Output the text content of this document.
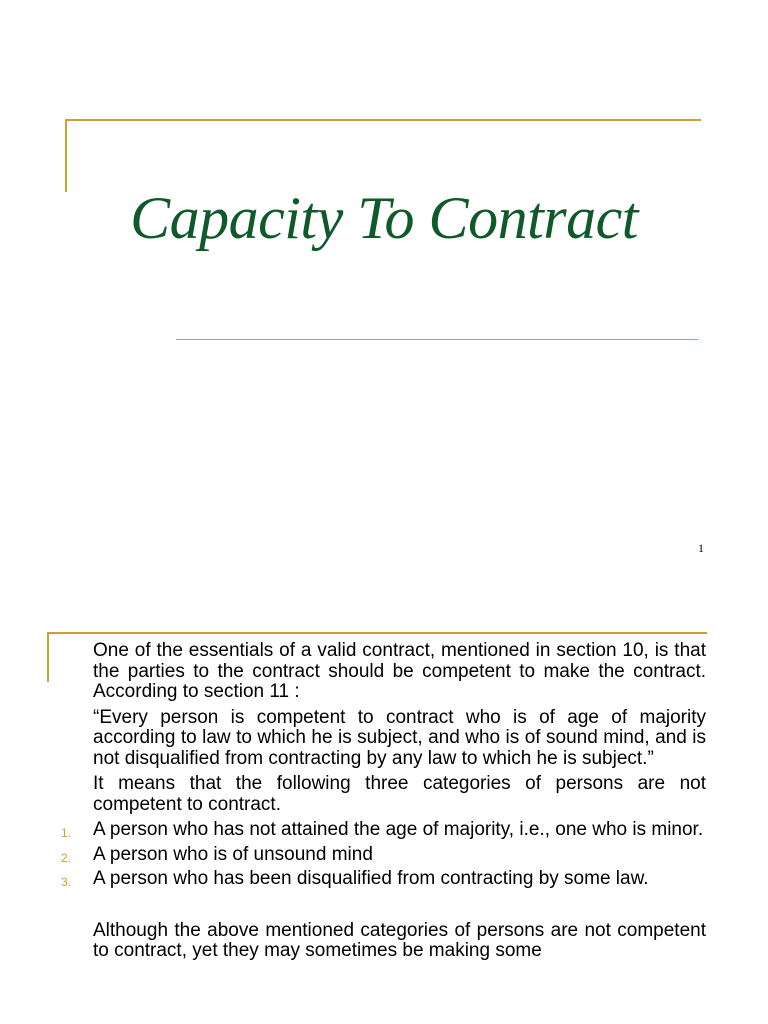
Capacity To Contract
1

One of the essentials of a valid contract, mentioned in section 10, is that the parties to the contract should be competent to make the contract. According to section 11 :

“Every person is competent to contract who is of age of majority according to law to which he is subject, and who is of sound mind, and is not disqualified from contracting by any law to which he is subject.”

It means that the following three categories of persons are not competent to contract.

1. A person who has not attained the age of majority, i.e., one who is minor.
2. A person who is of unsound mind
3. A person who has been disqualified from contracting by some law.

Although the above mentioned categories of persons are not competent to contract, yet they may sometimes be making some
